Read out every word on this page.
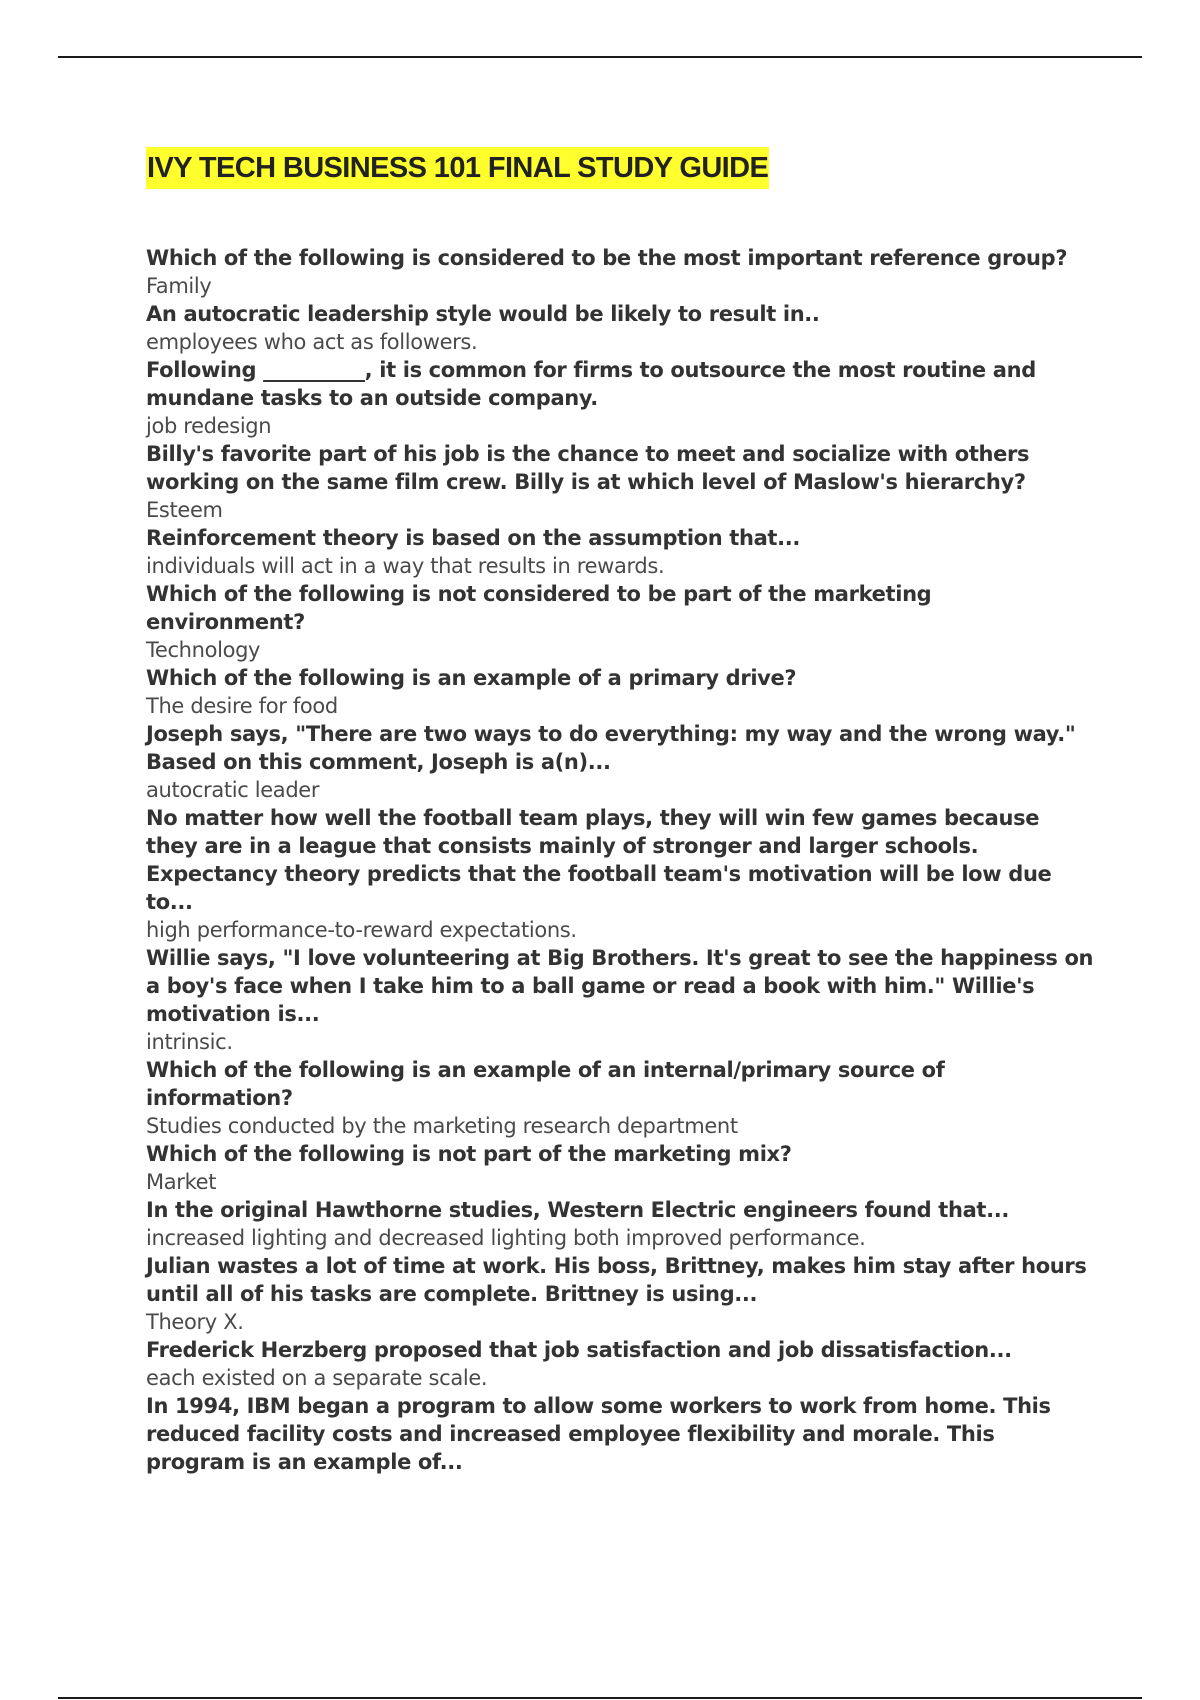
IVY TECH BUSINESS 101 FINAL STUDY GUIDE

Which of the following is considered to be the most important reference group?

Family

An autocratic leadership style would be likely to result in..

employees who act as followers.

Following __________, it is common for firms to outsource the most routine and mundane tasks to an outside company.

job redesign

Billy's favorite part of his job is the chance to meet and socialize with others working on the same film crew. Billy is at which level of Maslow's hierarchy?

Esteem

Reinforcement theory is based on the assumption that...

individuals will act in a way that results in rewards.

Which of the following is not considered to be part of the marketing environment?

Technology

Which of the following is an example of a primary drive?

The desire for food

Joseph says, "There are two ways to do everything: my way and the wrong way." Based on this comment, Joseph is a(n)...

autocratic leader

No matter how well the football team plays, they will win few games because they are in a league that consists mainly of stronger and larger schools. Expectancy theory predicts that the football team's motivation will be low due to...

high performance-to-reward expectations.

Willie says, "I love volunteering at Big Brothers. It's great to see the happiness on a boy's face when I take him to a ball game or read a book with him." Willie's motivation is...

intrinsic.

Which of the following is an example of an internal/primary source of information?

Studies conducted by the marketing research department

Which of the following is not part of the marketing mix?

Market

In the original Hawthorne studies, Western Electric engineers found that...

increased lighting and decreased lighting both improved performance.

Julian wastes a lot of time at work. His boss, Brittney, makes him stay after hours until all of his tasks are complete. Brittney is using...

Theory X.

Frederick Herzberg proposed that job satisfaction and job dissatisfaction...

each existed on a separate scale.

In 1994, IBM began a program to allow some workers to work from home. This reduced facility costs and increased employee flexibility and morale. This program is an example of...
